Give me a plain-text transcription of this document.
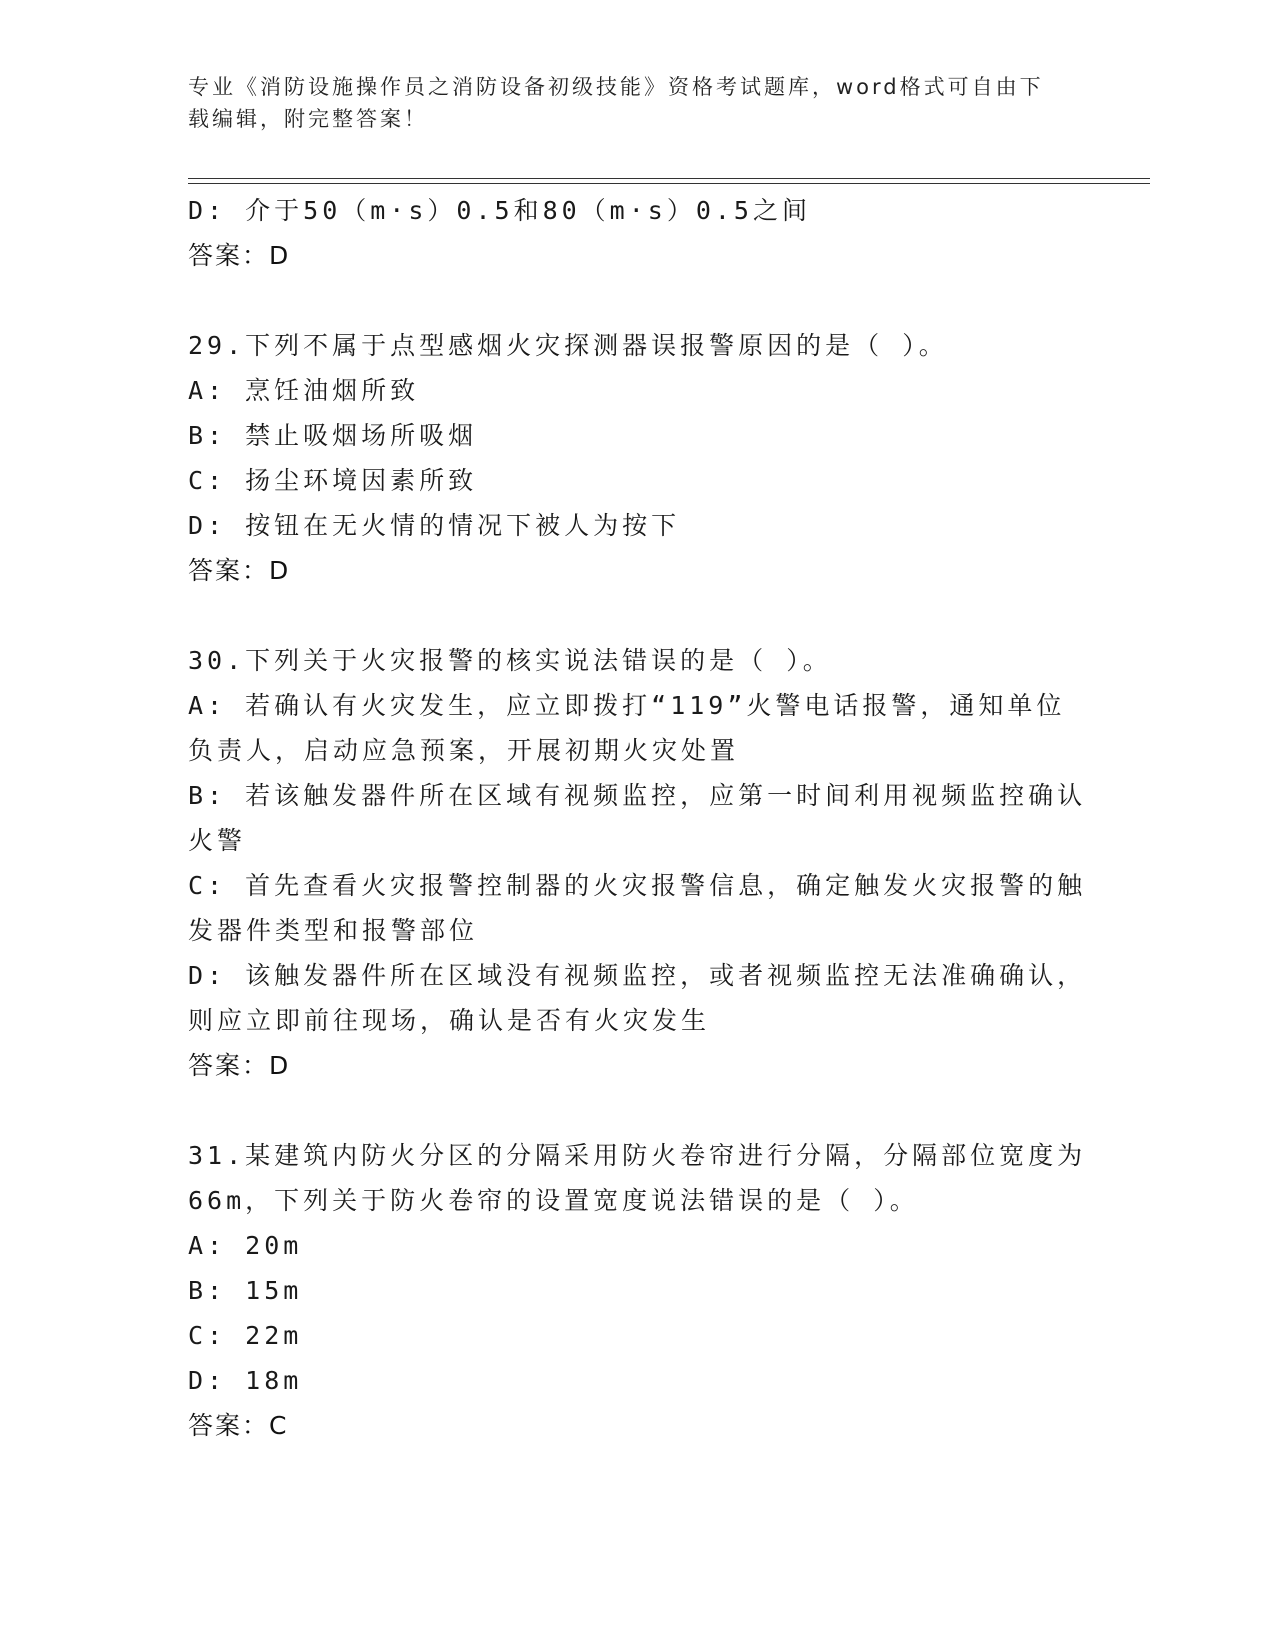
专业《消防设施操作员之消防设备初级技能》资格考试题库，word格式可自由下
载编辑，附完整答案！
D: 介于50（m·s）0.5和80（m·s）0.5之间
答案：D
29.下列不属于点型感烟火灾探测器误报警原因的是（ ）。
A: 烹饪油烟所致
B: 禁止吸烟场所吸烟
C: 扬尘环境因素所致
D: 按钮在无火情的情况下被人为按下
答案：D
30.下列关于火灾报警的核实说法错误的是（ ）。
A: 若确认有火灾发生，应立即拨打“119”火警电话报警，通知单位
负责人，启动应急预案，开展初期火灾处置
B: 若该触发器件所在区域有视频监控，应第一时间利用视频监控确认
火警
C: 首先查看火灾报警控制器的火灾报警信息，确定触发火灾报警的触
发器件类型和报警部位
D: 该触发器件所在区域没有视频监控，或者视频监控无法准确确认，
则应立即前往现场，确认是否有火灾发生
答案：D
31.某建筑内防火分区的分隔采用防火卷帘进行分隔，分隔部位宽度为
66m，下列关于防火卷帘的设置宽度说法错误的是（ ）。
A: 20m
B: 15m
C: 22m
D: 18m
答案：C
